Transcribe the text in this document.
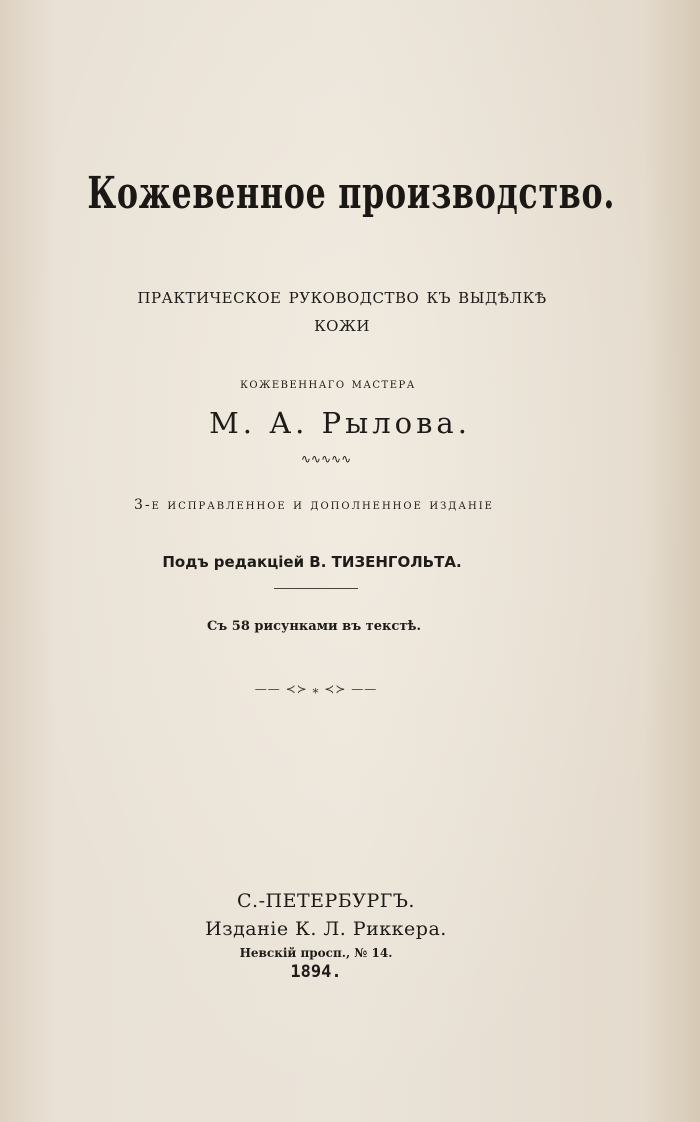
Кожевенное производство.
практическое руководство къ выдѣлкѣ
кожи
кожевеннаго мастера
М. А. Рылова.
∿∿∿∿∿
3-е исправленное и дополненное изданiе
Подъ редакцiей В. ТИЗЕНГОЛЬТА.
Съ 58 рисунками въ текстѣ.
—— ≺≻ ⁎ ≺≻ ——
С.-ПЕТЕРБУРГЪ.
Изданiе К. Л. Риккера.
Невскiй просп., № 14.
1894.
